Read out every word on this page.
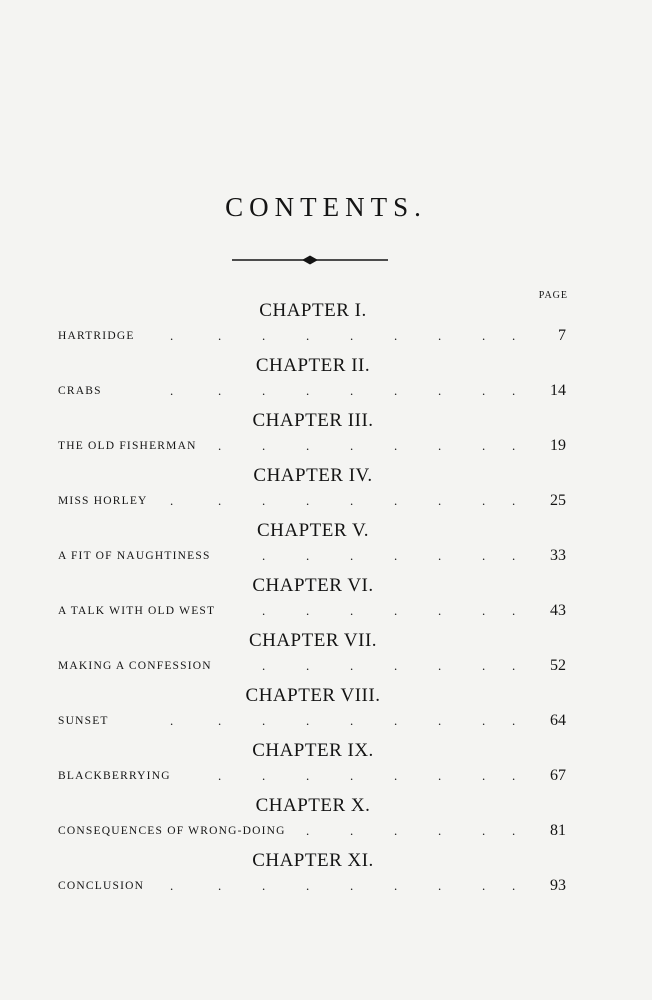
CONTENTS.
PAGE
CHAPTER I.
HARTRIDGE	.	.	.	.	.	.	.	. .	7
CHAPTER II.
CRABS	.	.	.	.	.	.	.	. . 14
CHAPTER III.
THE OLD FISHERMAN .	.	.	.	.	.	. . 19
CHAPTER IV.
MISS HORLEY .	.	.	.	.	.	.	. . 25
CHAPTER V.
A FIT OF NAUGHTINESS	.	.	.	.	.	. . 33
CHAPTER VI.
A TALK WITH OLD WEST	.	.	.	.	.	. . 43
CHAPTER VII.
MAKING A CONFESSION	.	.	.	.	.	. . 52
CHAPTER VIII.
SUNSET	.	.	.	.	.	.	.	. . 64
CHAPTER IX.
BLACKBERRYING	.	.	.	.	.	.	. . 67
CHAPTER X.
CONSEQUENCES OF WRONG-DOING .	.	.	.	. . 81
CHAPTER XI.
CONCLUSION .	.	.	.	.	.	.	. . 93
